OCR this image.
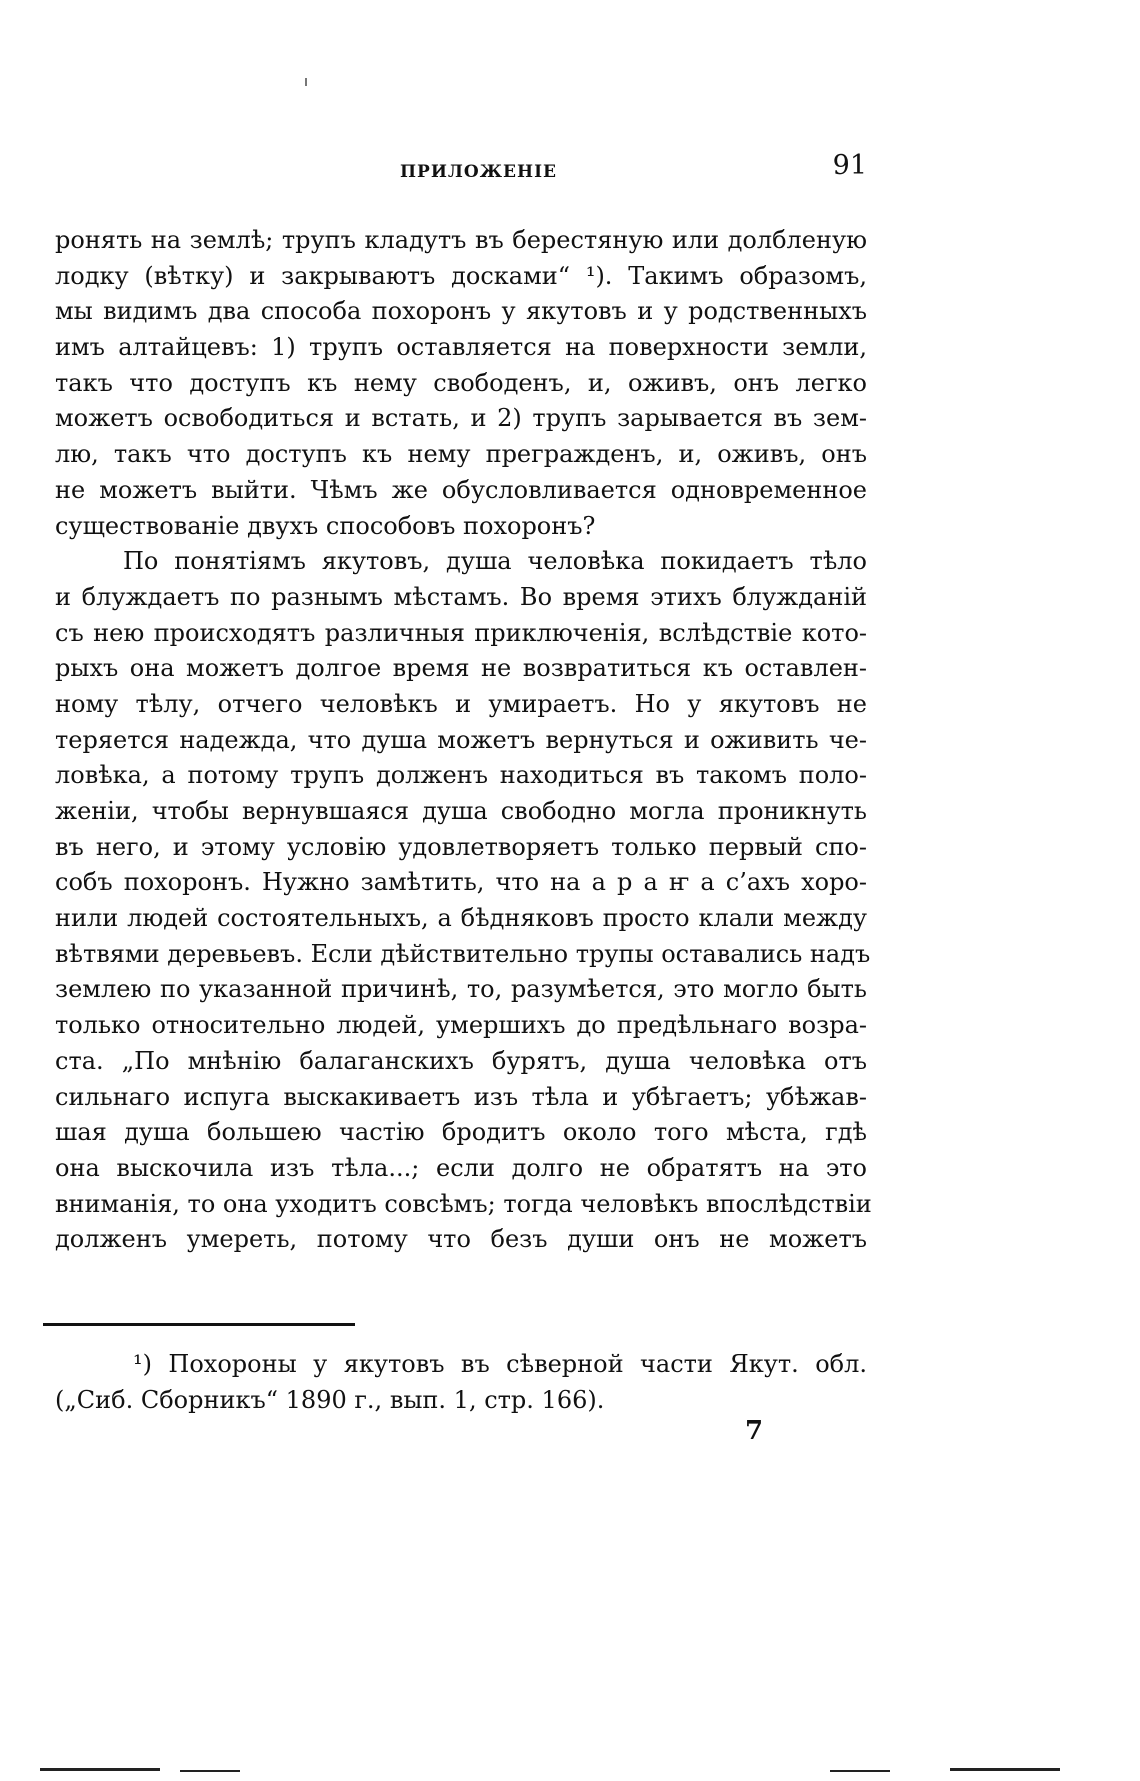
ПРИЛОЖЕНIЕ	91
ронять на землѣ; трупъ кладутъ въ берестяную или долбленую
лодку (вѣтку) и закрываютъ досками“ ¹). Такимъ образомъ,
мы видимъ два способа похоронъ у якутовъ и у родственныхъ
имъ алтайцевъ: 1) трупъ оставляется на поверхности земли,
такъ что доступъ къ нему свободенъ, и, оживъ, онъ легко
можетъ освободиться и встать, и 2) трупъ зарывается въ зем-
лю, такъ что доступъ къ нему прегражденъ, и, оживъ, онъ
не можетъ выйти. Чѣмъ же обусловливается одновременное
существованiе двухъ способовъ похоронъ?
По понятiямъ якутовъ, душа человѣка покидаетъ тѣло
и блуждаетъ по разнымъ мѣстамъ. Во время этихъ блужданiй
съ нею происходятъ различныя приключенiя, вслѣдствiе кото-
рыхъ она можетъ долгое время не возвратиться къ оставлен-
ному тѣлу, отчего человѣкъ и умираетъ. Но у якутовъ не
теряется надежда, что душа можетъ вернуться и оживить че-
ловѣка, а потому трупъ долженъ находиться въ такомъ поло-
женiи, чтобы вернувшаяся душа свободно могла проникнуть
въ него, и этому условiю удовлетворяетъ только первый спо-
собъ похоронъ. Нужно замѣтить, что на а р а ҥ а с’ахъ хоро-
нили людей состоятельныхъ, а бѣдняковъ просто клали между
вѣтвями деревьевъ. Если дѣйствительно трупы оставались надъ
землею по указанной причинѣ, то, разумѣется, это могло быть
только относительно людей, умершихъ до предѣльнаго возра-
ста. „По мнѣнiю балаганскихъ бурятъ, душа человѣка отъ
сильнаго испуга выскакиваетъ изъ тѣла и убѣгаетъ; убѣжав-
шая душа большею частiю бродитъ около того мѣста, гдѣ
она выскочила изъ тѣла...; если долго не обратятъ на это
вниманiя, то она уходитъ совсѣмъ; тогда человѣкъ впослѣдствiи
долженъ умереть, потому что безъ души онъ не можетъ
¹) Похороны у якутовъ въ сѣверной части Якут. обл.
(„Сиб. Сборникъ“ 1890 г., вып. 1, стр. 166).
7
